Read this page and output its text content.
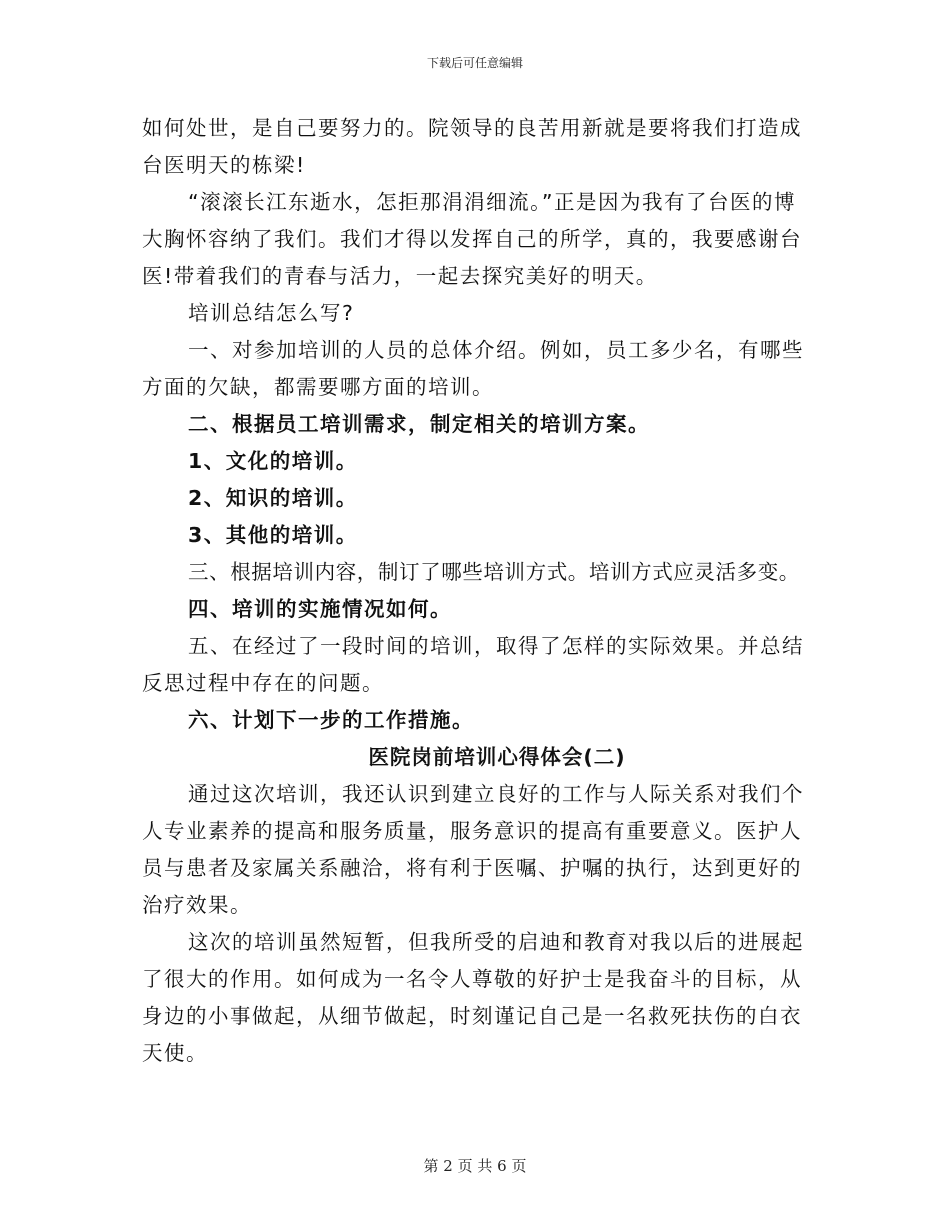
下载后可任意编辑

如何处世，是自己要努力的。院领导的良苦用新就是要将我们打造成台医明天的栋梁!

“滚滚长江东逝水，怎拒那涓涓细流。”正是因为我有了台医的博大胸怀容纳了我们。我们才得以发挥自己的所学，真的，我要感谢台医!带着我们的青春与活力，一起去探究美好的明天。

培训总结怎么写?

一、对参加培训的人员的总体介绍。例如，员工多少名，有哪些方面的欠缺，都需要哪方面的培训。

二、根据员工培训需求，制定相关的培训方案。

1、文化的培训。

2、知识的培训。

3、其他的培训。

三、根据培训内容，制订了哪些培训方式。培训方式应灵活多变。

四、培训的实施情况如何。

五、在经过了一段时间的培训，取得了怎样的实际效果。并总结反思过程中存在的问题。

六、计划下一步的工作措施。

医院岗前培训心得体会(二)

通过这次培训，我还认识到建立良好的工作与人际关系对我们个人专业素养的提高和服务质量，服务意识的提高有重要意义。医护人员与患者及家属关系融洽，将有利于医嘱、护嘱的执行，达到更好的治疗效果。

这次的培训虽然短暂，但我所受的启迪和教育对我以后的进展起了很大的作用。如何成为一名令人尊敬的好护士是我奋斗的目标，从身边的小事做起，从细节做起，时刻谨记自己是一名救死扶伤的白衣天使。

第 2 页 共 6 页
